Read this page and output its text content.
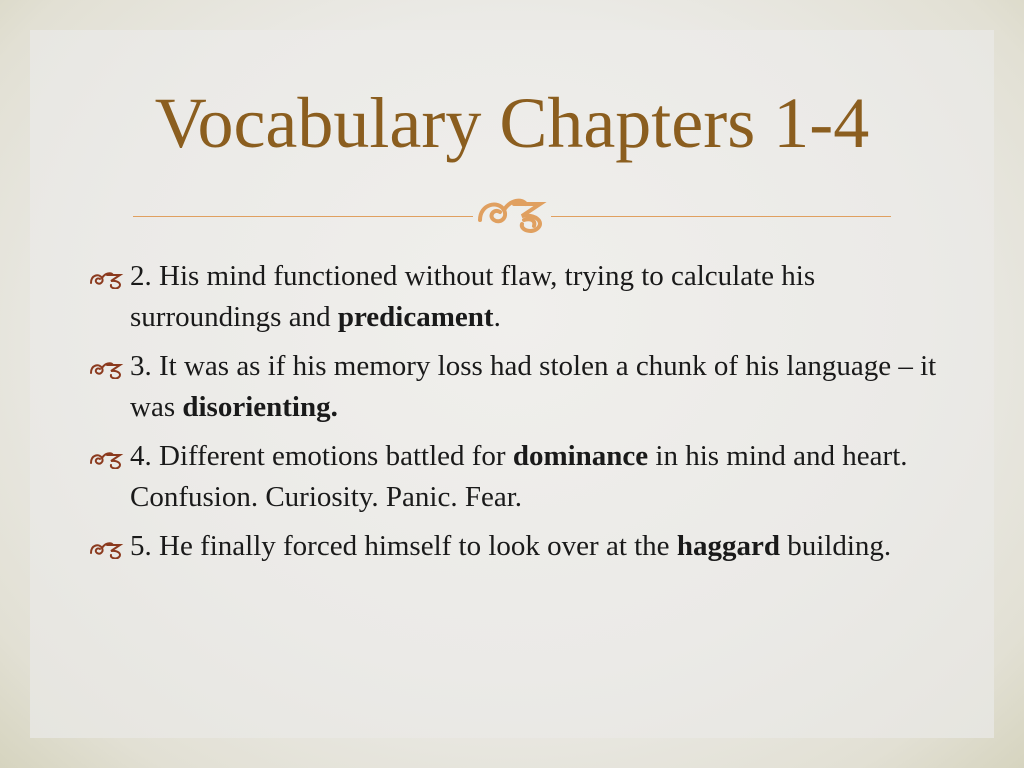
Vocabulary Chapters 1-4
2. His mind functioned without flaw, trying to calculate his surroundings and predicament.
3. It was as if his memory loss had stolen a chunk of his language – it was disorienting.
4. Different emotions battled for dominance in his mind and heart. Confusion. Curiosity. Panic. Fear.
5. He finally forced himself to look over at the haggard building.
